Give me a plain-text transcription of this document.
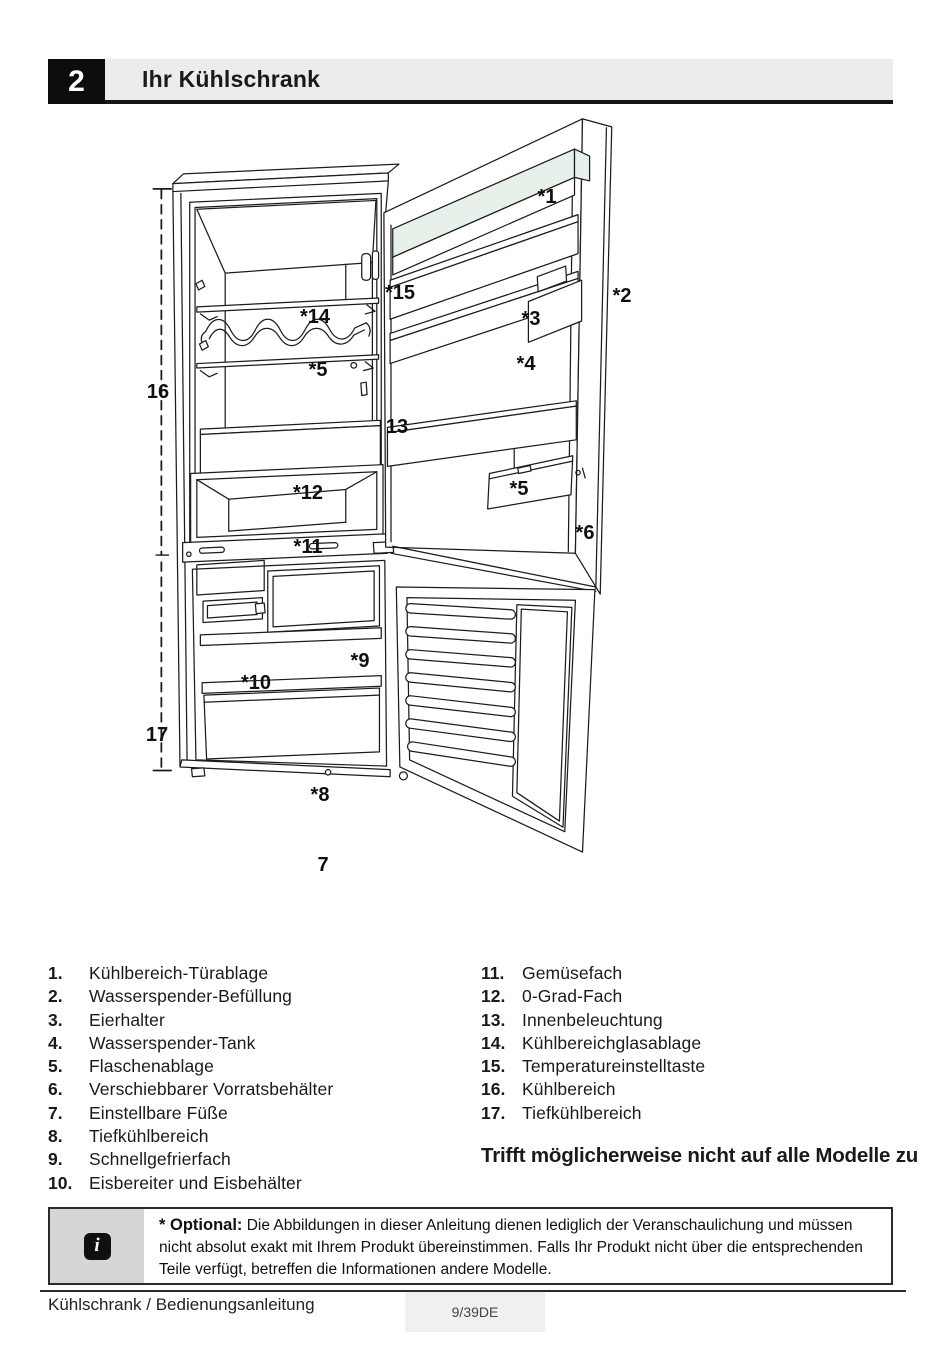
2	Ihr Kühlschrank
*1
*15	*2
*14	*3
*5	*4
16
13
*12	*5
*6
*11
*9
*10
17
*8
7
1.	Kühlbereich-Türablage
2.	Wasserspender-Befüllung
3.	Eierhalter
4.	Wasserspender-Tank
5.	Flaschenablage
6.	Verschiebbarer Vorratsbehälter
7.	Einstellbare Füße
8.	Tiefkühlbereich
9.	Schnellgefrierfach
10. Eisbereiter und Eisbehälter
11.	Gemüsefach
12. 0-Grad-Fach
13. Innenbeleuchtung
14. Kühlbereichglasablage
15. Temperatureinstelltaste
16. Kühlbereich
17. Tiefkühlbereich
Trifft möglicherweise nicht auf alle Modelle zu
i
* Optional: Die Abbildungen in dieser Anleitung dienen lediglich der Veranschaulichung und müssen nicht absolut exakt mit Ihrem Produkt übereinstimmen. Falls Ihr Produkt nicht über die entsprechenden Teile verfügt, betreffen die Informationen andere Modelle.
Kühlschrank / Bedienungsanleitung	9/39DE
